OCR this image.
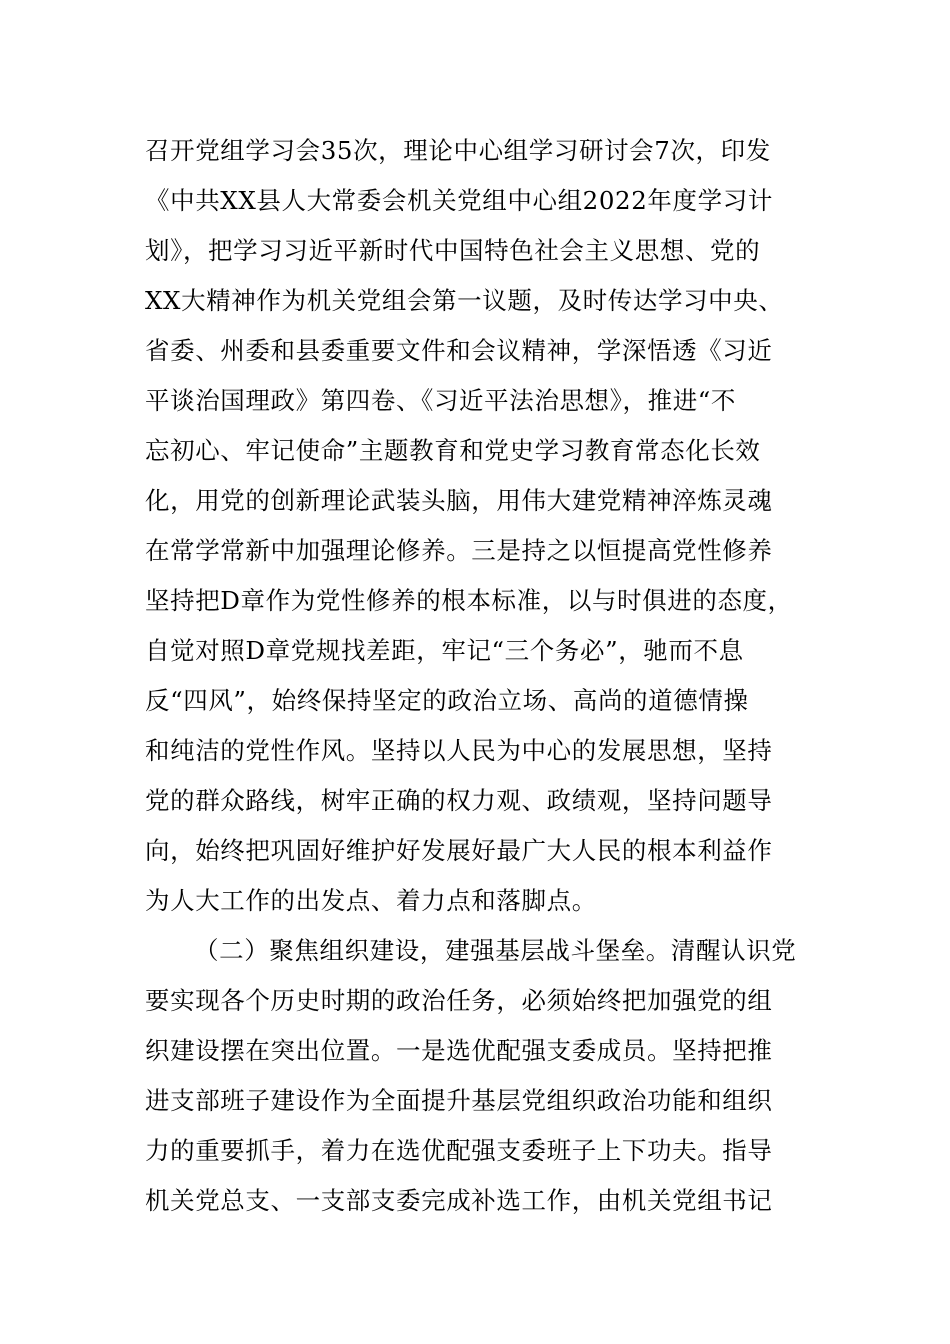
召开党组学习会35次，理论中心组学习研讨会7次，印发
《中共XX县人大常委会机关党组中心组2022年度学习计
划》，把学习习近平新时代中国特色社会主义思想、党的
XX大精神作为机关党组会第一议题，及时传达学习中央、
省委、州委和县委重要文件和会议精神，学深悟透《习近
平谈治国理政》第四卷、《习近平法治思想》，推进“不
忘初心、牢记使命”主题教育和党史学习教育常态化长效
化，用党的创新理论武装头脑，用伟大建党精神淬炼灵魂
在常学常新中加强理论修养。三是持之以恒提高党性修养
坚持把D章作为党性修养的根本标准，以与时俱进的态度，
自觉对照D章党规找差距，牢记“三个务必”，驰而不息
反“四风”，始终保持坚定的政治立场、高尚的道德情操
和纯洁的党性作风。坚持以人民为中心的发展思想，坚持
党的群众路线，树牢正确的权力观、政绩观，坚持问题导
向，始终把巩固好维护好发展好最广大人民的根本利益作
为人大工作的出发点、着力点和落脚点。
（二）聚焦组织建设，建强基层战斗堡垒。清醒认识党
要实现各个历史时期的政治任务，必须始终把加强党的组
织建设摆在突出位置。一是选优配强支委成员。坚持把推
进支部班子建设作为全面提升基层党组织政治功能和组织
力的重要抓手，着力在选优配强支委班子上下功夫。指导
机关党总支、一支部支委完成补选工作，由机关党组书记
